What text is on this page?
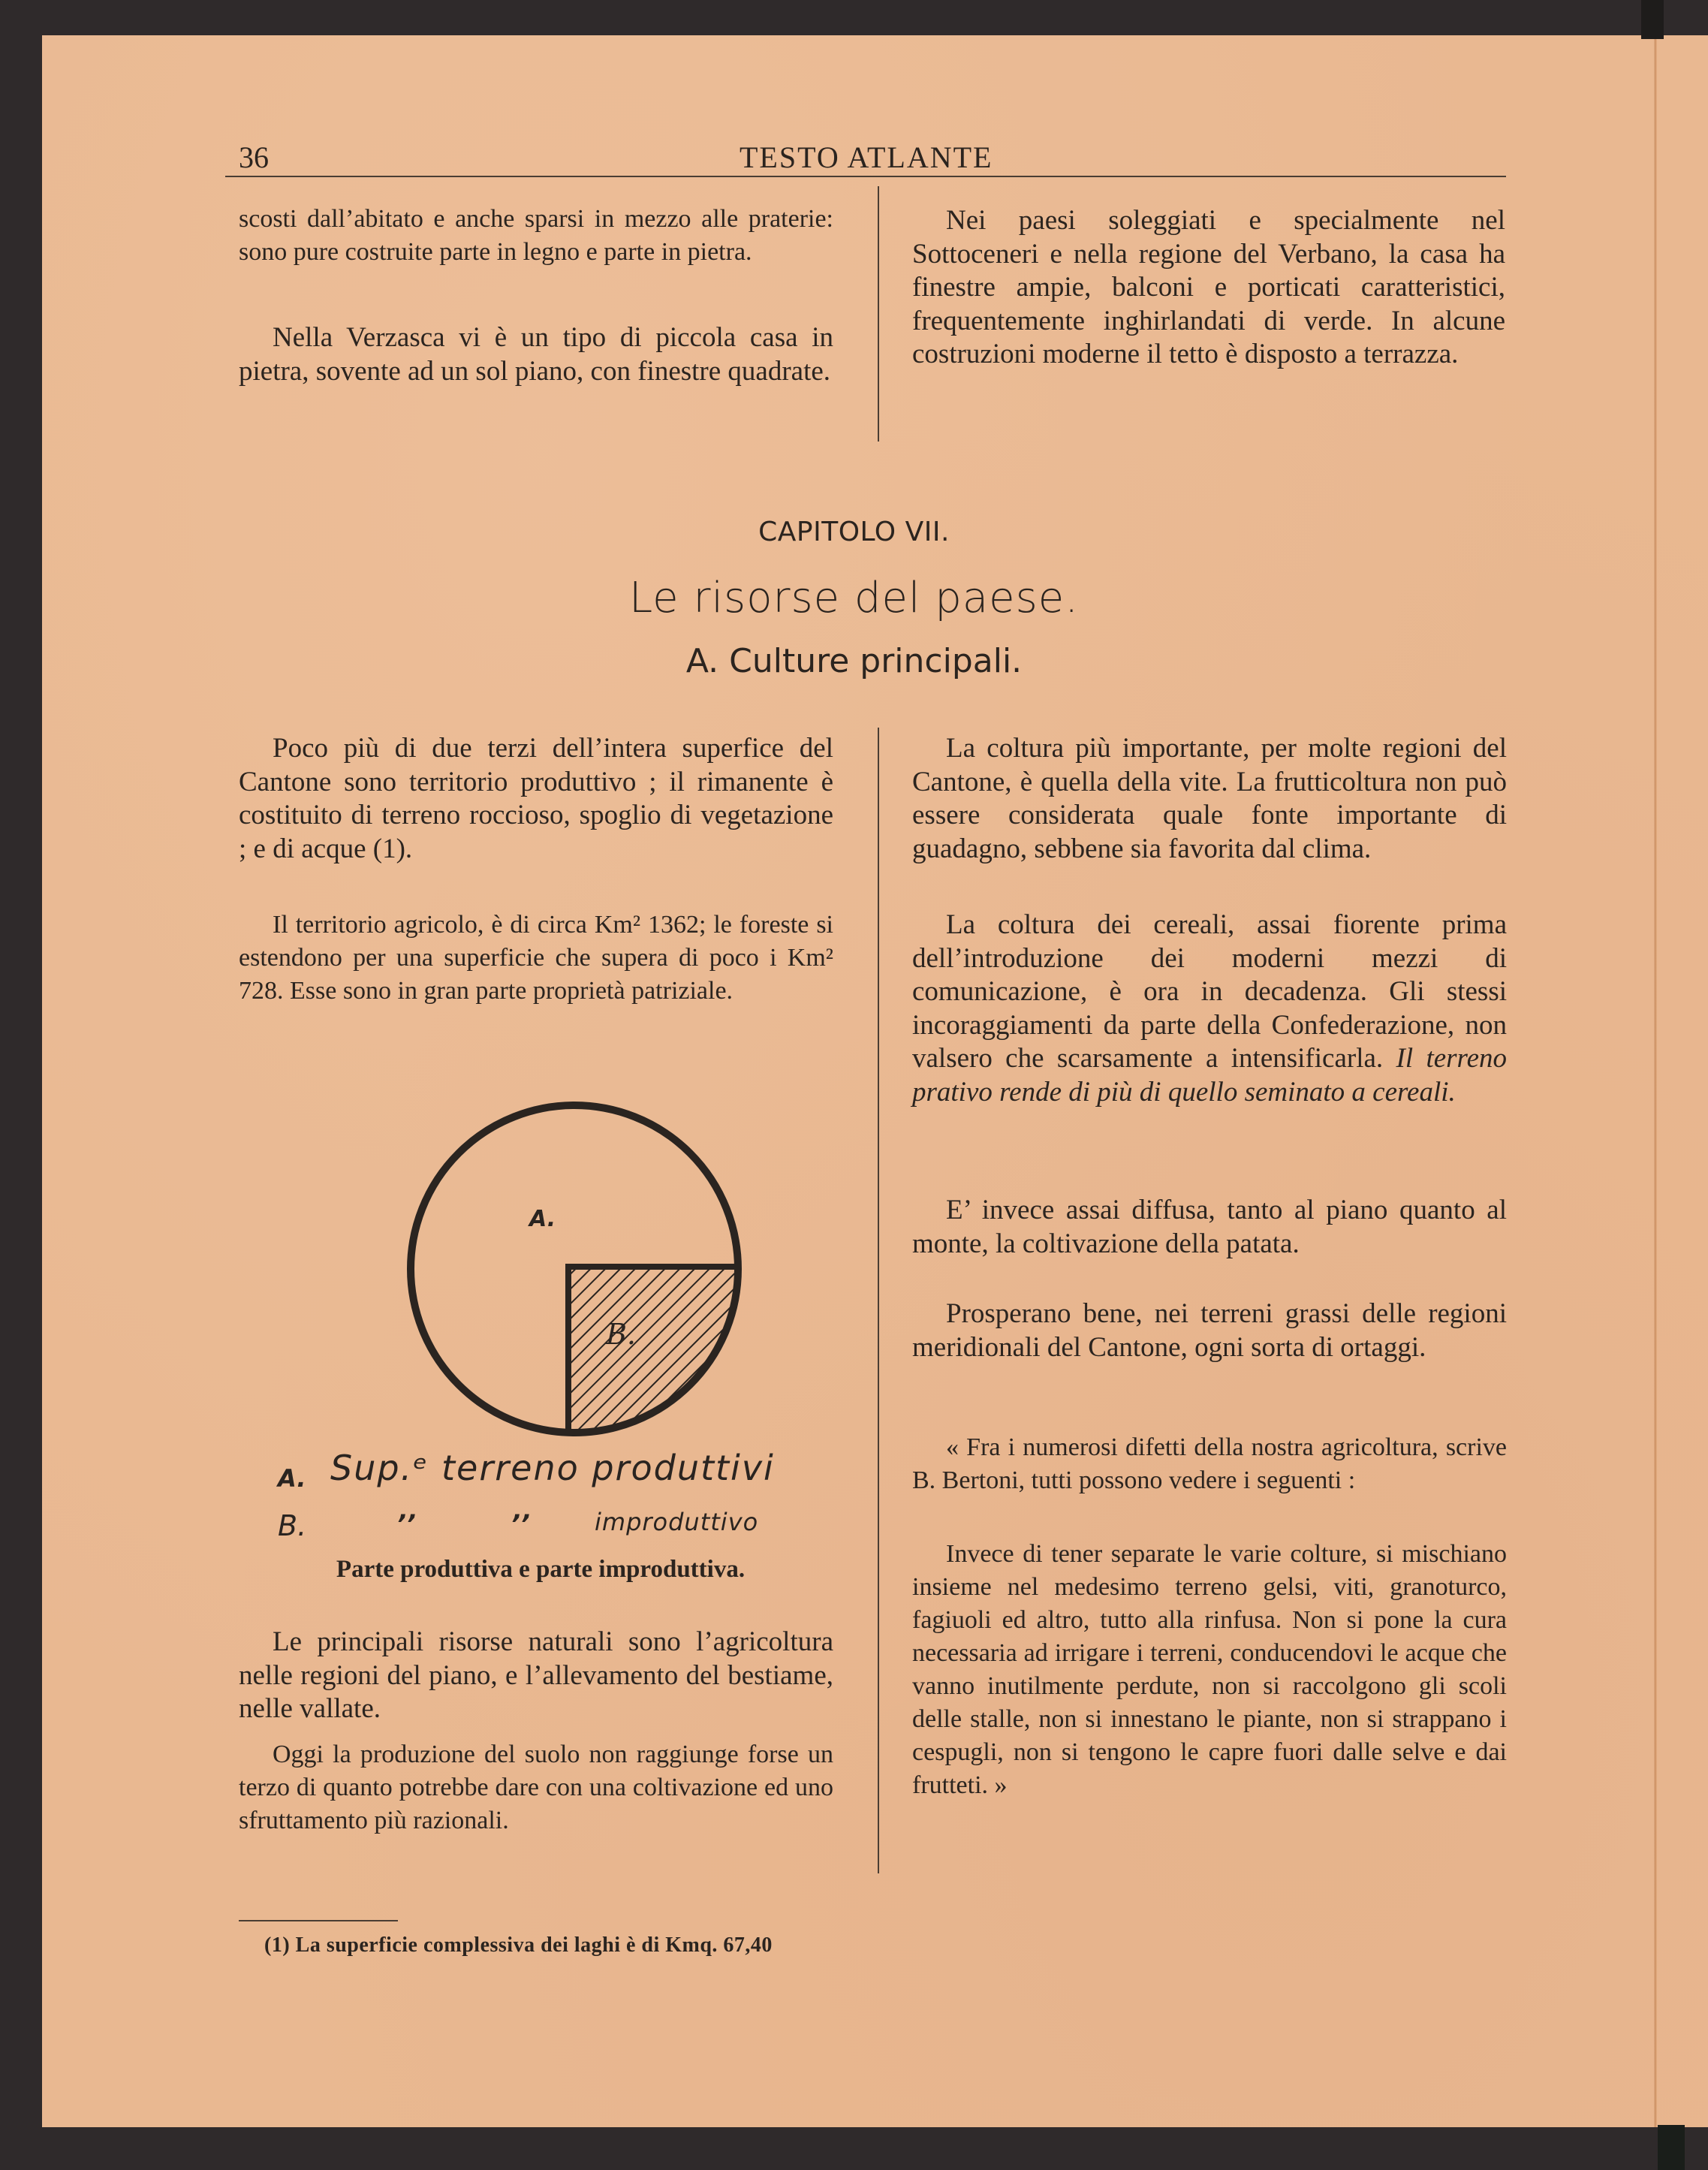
36	TESTO ATLANTE
scosti dall’abitato e anche sparsi in mezzo alle praterie: sono pure costruite parte in legno e parte in pietra.
Nella Verzasca vi è un tipo di piccola casa in pietra, sovente ad un sol piano, con finestre quadrate.
Nei paesi soleggiati e specialmente nel Sottoceneri e nella regione del Verbano, la casa ha finestre ampie, balconi e porticati caratteristici, frequentemente inghirlandati di verde. In alcune costruzioni moderne il tetto è disposto a terrazza.
CAPITOLO VII.
Le risorse del paese.
A. Culture principali.
Poco più di due terzi dell’intera superfice del Cantone sono territorio produttivo ; il rimanente è costituito di terreno roccioso, spoglio di vegetazione ; e di acque (1).
Il territorio agricolo, è di circa Km² 1362; le foreste si estendono per una superficie che supera di poco i Km² 728. Esse sono in gran parte proprietà patriziale.
A.
B.
A. Sup.ᵉ terreno produttivi
B.	’’	’’	improduttivo
Parte produttiva e parte improduttiva.
Le principali risorse naturali sono l’agricoltura nelle regioni del piano, e l’allevamento del bestiame, nelle vallate.
Oggi la produzione del suolo non raggiunge forse un terzo di quanto potrebbe dare con una coltivazione ed uno sfruttamento più razionali.
La coltura più importante, per molte regioni del Cantone, è quella della vite. La frutticoltura non può essere considerata quale fonte importante di guadagno, sebbene sia favorita dal clima.
La coltura dei cereali, assai fiorente prima dell’introduzione dei moderni mezzi di comunicazione, è ora in decadenza. Gli stessi incoraggiamenti da parte della Confederazione, non valsero che scarsamente a intensificarla. Il terreno prativo rende di più di quello seminato a cereali.
E’ invece assai diffusa, tanto al piano quanto al monte, la coltivazione della patata.
Prosperano bene, nei terreni grassi delle regioni meridionali del Cantone, ogni sorta di ortaggi.
« Fra i numerosi difetti della nostra agricoltura, scrive B. Bertoni, tutti possono vedere i seguenti :
Invece di tener separate le varie colture, si mischiano insieme nel medesimo terreno gelsi, viti, granoturco, fagiuoli ed altro, tutto alla rinfusa. Non si pone la cura necessaria ad irrigare i terreni, conducendovi le acque che vanno inutilmente perdute, non si raccolgono gli scoli delle stalle, non si innestano le piante, non si strappano i cespugli, non si tengono le capre fuori dalle selve e dai frutteti. »
(1) La superficie complessiva dei laghi è di Kmq. 67,40
